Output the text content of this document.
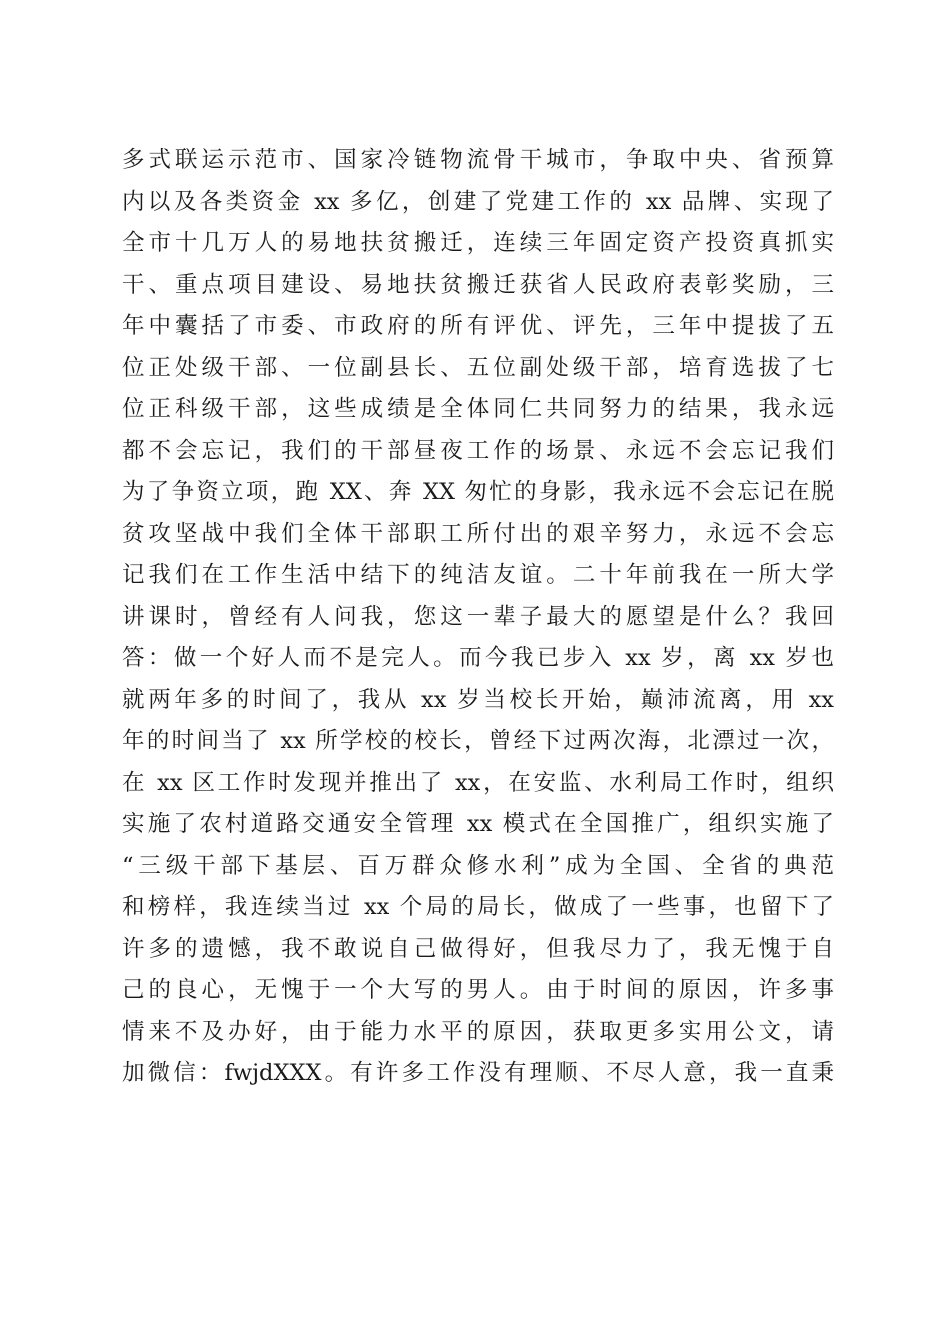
多式联运示范市、国家冷链物流骨干城市，争取中央、省预算
内以及各类资金 xx 多亿，创建了党建工作的 xx 品牌、实现了
全市十几万人的易地扶贫搬迁，连续三年固定资产投资真抓实
干、重点项目建设、易地扶贫搬迁获省人民政府表彰奖励，三
年中囊括了市委、市政府的所有评优、评先，三年中提拔了五
位正处级干部、一位副县长、五位副处级干部，培育选拔了七
位正科级干部，这些成绩是全体同仁共同努力的结果，我永远
都不会忘记，我们的干部昼夜工作的场景、永远不会忘记我们
为了争资立项，跑 XX、奔 XX 匆忙的身影，我永远不会忘记在脱
贫攻坚战中我们全体干部职工所付出的艰辛努力，永远不会忘
记我们在工作生活中结下的纯洁友谊。二十年前我在一所大学
讲课时，曾经有人问我，您这一辈子最大的愿望是什么？我回
答：做一个好人而不是完人。而今我已步入 xx 岁，离 xx 岁也
就两年多的时间了，我从 xx 岁当校长开始，巅沛流离，用 xx
年的时间当了 xx 所学校的校长，曾经下过两次海，北漂过一次，
在 xx 区工作时发现并推出了 xx，在安监、水利局工作时，组织
实施了农村道路交通安全管理 xx 模式在全国推广，组织实施了
“三级干部下基层、百万群众修水利”成为全国、全省的典范
和榜样，我连续当过 xx 个局的局长，做成了一些事，也留下了
许多的遗憾，我不敢说自己做得好，但我尽力了，我无愧于自
己的良心，无愧于一个大写的男人。由于时间的原因，许多事
情来不及办好，由于能力水平的原因，获取更多实用公文，请
加微信：fwjdXXX。有许多工作没有理顺、不尽人意，我一直秉
